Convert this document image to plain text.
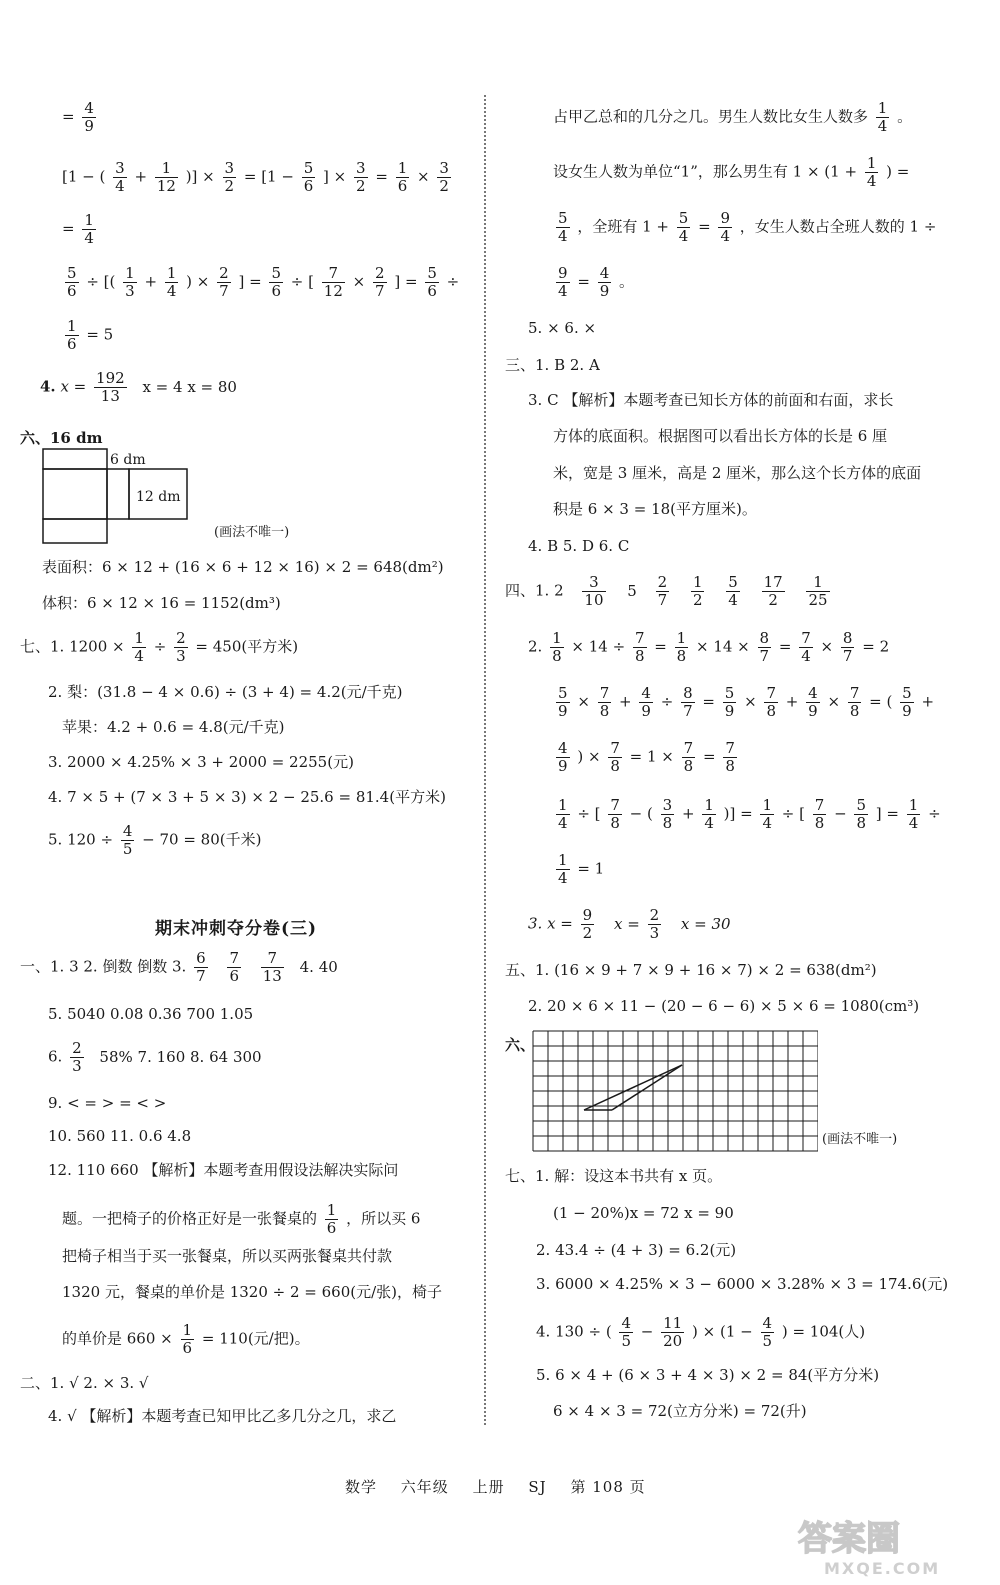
= $\frac{4}{9}$
[1 − ( $\frac{3}{4} + \frac{1}{12}$ )] × $\frac{3}{2} = [1 - \frac{5}{6}$ ] × $\frac{3}{2} = \frac{1}{6} \times \frac{3}{2}$
= $\frac{1}{4}$
$\frac{5}{6}$ ÷ [( $\frac{1}{3} + \frac{1}{4}$ ) × $\frac{2}{7}$ ] = $\frac{5}{6}$ ÷ [ $\frac{7}{12} \times \frac{2}{7}$ ] = $\frac{5}{6}$ ÷
$\frac{1}{6} = 5$
4. $x = \frac{192}{13}$ x = 4 x = 80
六、16 dm
6 dm
12 dm
(画法不唯一)
表面积：6 × 12 + (16 × 6 + 12 × 16) × 2 = 648(dm²)
体积：6 × 12 × 16 = 1152(dm³)
七、1. $1200 \times \frac{1}{4} \div \frac{2}{3} = 450$(平方米)
2. 梨：(31.8 − 4 × 0.6) ÷ (3 + 4) = 4.2(元/千克)
苹果：4.2 + 0.6 = 4.8(元/千克)
3. 2000 × 4.25% × 3 + 2000 = 2255(元)
4. 7 × 5 + (7 × 3 + 5 × 3) × 2 − 25.6 = 81.4(平方米)
5. $120 \div \frac{4}{5} - 70 = 80$(千米)
期末冲刺夺分卷(三)
一、1. 3 2. 倒数 倒数 3. $\frac{6}{7}$
$\frac{7}{6}$
$\frac{7}{13} 4$. 40
5. 5040 0.08 0.36 700 1.05
6. $\frac{2}{3} 58\%$ 7. 160 8. 64 300
9. < = > = < >
10. 560 11. 0.6 4.8
12. 110 660 【解析】本题考查用假设法解决实际问
题。一把椅子的价格正好是一张餐桌的 $\frac{1}{6}$ ，所以买 6
把椅子相当于买一张餐桌，所以买两张餐桌共付款
1320 元，餐桌的单价是 1320 ÷ 2 = 660(元/张)，椅子
的单价是 $660 \times \frac{1}{6} = 110$(元/把)。
二、1. √ 2. × 3. √
4. √ 【解析】本题考查已知甲比乙多几分之几，求乙
占甲乙总和的几分之几。男生人数比女生人数多 $\frac{1}{4}$ 。
设女生人数为单位“1”，那么男生有 $1 \times (1 + \frac{1}{4}$ ) =
$\frac{5}{4}$ ，全班有 $1 + \frac{5}{4} = \frac{9}{4}$ ，女生人数占全班人数的 1 ÷
$\frac{9}{4} = \frac{4}{9}$ 。
5. × 6. ×
三、1. B 2. A
3. C 【解析】本题考查已知长方体的前面和右面，求长
方体的底面积。根据图可以看出长方体的长是 6 厘
米，宽是 3 厘米，高是 2 厘米，那么这个长方体的底面
积是 6 × 3 = 18(平方厘米)。
4. B 5. D 6. C
四、1. $2 \frac{3}{10} 5 \frac{2}{7}$
$\frac{1}{2}$
$\frac{5}{4}$
$\frac{17}{2}$
$\frac{1}{25}$
2. $\frac{1}{8} \times 14 \div \frac{7}{8} = \frac{1}{8} \times 14 \times \frac{8}{7} = \frac{7}{4} \times \frac{8}{7} = 2$
$\frac{5}{9} \times \frac{7}{8} + \frac{4}{9} \div \frac{8}{7} = \frac{5}{9} \times \frac{7}{8} + \frac{4}{9} \times \frac{7}{8}$ = ( $\frac{5}{9}$ +
$\frac{4}{9}$ ) × $\frac{7}{8} = 1 \times \frac{7}{8} = \frac{7}{8}$
$\frac{1}{4}$ ÷ [ $\frac{7}{8}$ − ( $\frac{3}{8} + \frac{1}{4}$ )] = $\frac{1}{4}$ ÷ [ $\frac{7}{8} - \frac{5}{8}$ ] = $\frac{1}{4}$ ÷
$\frac{1}{4} = 1$
3. $x = \frac{9}{2}$ $x = \frac{2}{3}$ x = 30
五、1. (16 × 9 + 7 × 9 + 16 × 7) × 2 = 638(dm²)
2. 20 × 6 × 11 − (20 − 6 − 6) × 5 × 6 = 1080(cm³)
六、
(画法不唯一)
七、1. 解：设这本书共有 x 页。
(1 − 20%)x = 72 x = 90
2. 43.4 ÷ (4 + 3) = 6.2(元)
3. 6000 × 4.25% × 3 − 6000 × 3.28% × 3 = 174.6(元)
4. 130 ÷ ( $\frac{4}{5} - \frac{11}{20}$ ) × ($1 - \frac{4}{5}$ ) = 104(人)
5. 6 × 4 + (6 × 3 + 4 × 3) × 2 = 84(平方分米)
6 × 4 × 3 = 72(立方分米) = 72(升)
数学 六年级 上册 SJ 第 108 页
答案圈
MXQE.COM
